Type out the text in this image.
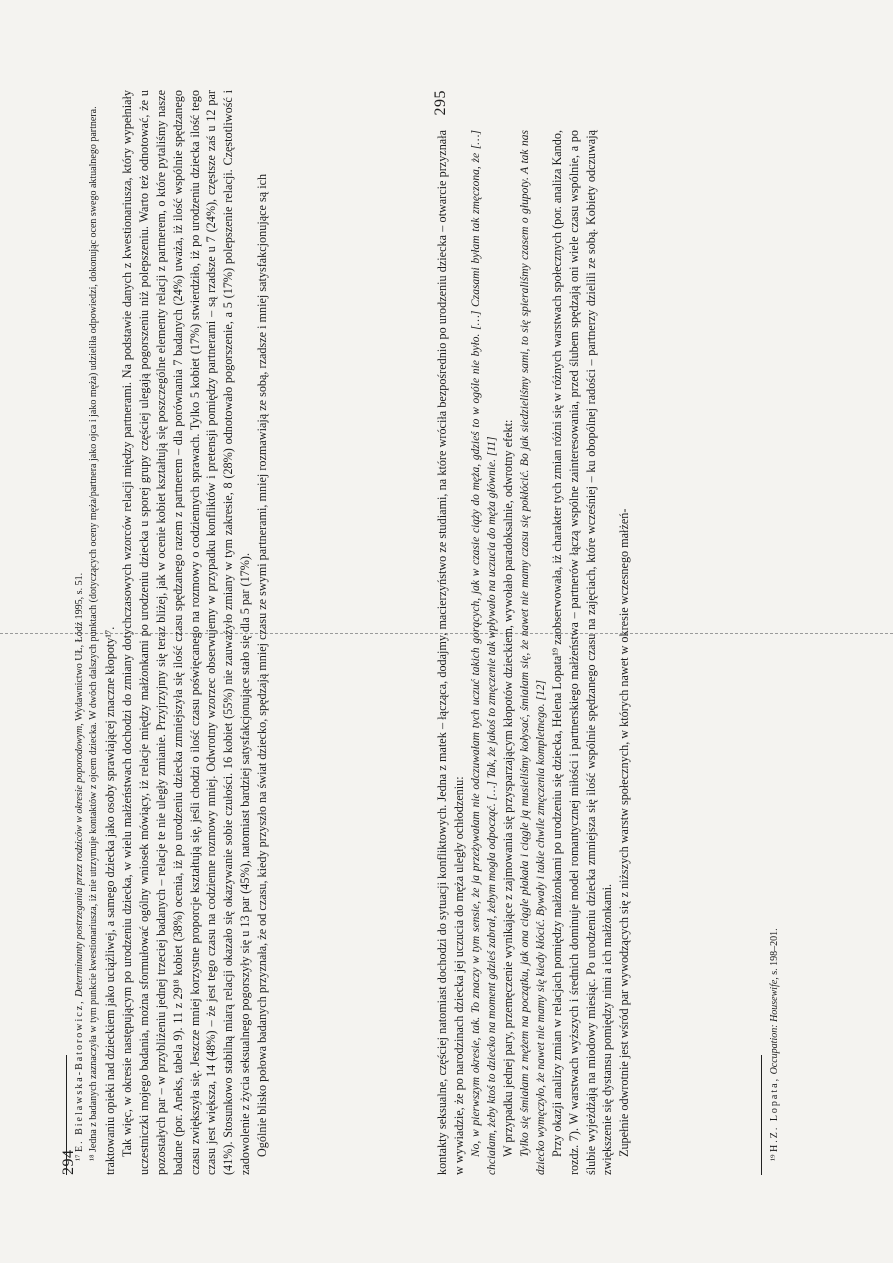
294 traktowaniu opieki nad dzieckiem jako uciążliwej, a samego dziecka jako osoby sprawiającej znaczne kłopoty¹⁷. Tak więc, w okresie następującym po urodzeniu dziecka, w wielu małżeństwach dochodzi do zmiany dotychczasowych wzorców relacji między partnerami. Na podstawie danych z kwestionariusza, który wypełniały uczestniczki mojego badania, można sformułować ogólny wniosek mówiący, iż relacje między małżonkami po urodzeniu dziecka u sporej grupy częściej ulegają pogorszeniu niż polepszeniu. Warto też odnotować, że u pozostałych par – w przybliżeniu jednej trzeciej badanych – relacje te nie uległy zmianie. Przyjrzyjmy się teraz bliżej, jak w ocenie kobiet kształtują się poszczególne elementy relacji z partnerem, o które pytaliśmy nasze badane (por. Aneks, tabela 9). 11 z 29¹⁸ kobiet (38%) ocenia, iż po urodzeniu dziecka zmniejszyła się ilość czasu spędzanego razem z partnerem – dla porównania 7 badanych (24%) uważa, iż ilość wspólnie spędzanego czasu zwiększyła się. Jeszcze mniej korzystne proporcje kształtują się, jeśli chodzi o ilość czasu poświęcanego na rozmowy o codziennych sprawach. Tylko 5 kobiet (17%) stwierdziło, iż po urodzeniu dziecka ilość tego czasu jest większa, 14 (48%) – że jest tego czasu na codzienne rozmowy mniej. Odwrotny wzorzec obserwujemy w przypadku konfliktów i pretensji pomiędzy partnerami – są rzadsze u 7 (24%), częstsze zaś u 12 par (41%). Stosunkowo stabilną miarą relacji okazało się okazywanie sobie czułości. 16 kobiet (55%) nie zauważyło zmiany w tym zakresie, 8 (28%) odnotowało pogorszenie, a 5 (17%) polepszenie relacji. Częstotliwość i zadowolenie z życia seksualnego pogorszyły się u 13 par (45%), natomiast bardziej satysfakcjonujące stało się dla 5 par (17%). Ogólnie blisko połowa badanych przyznała, że od czasu, kiedy przyszło na świat dziecko, spędzają mniej czasu ze swymi partnerami, mniej rozmawiają ze sobą, rzadsze i mniej satysfakcjonujące są ich

¹⁷ E. Bielawska-Batorowicz, Determinanty postrzegania przez rodziców w okresie poporodowym, Wydawnictwo UŁ, Łódź 1995, s. 51.

¹⁸ Jedna z badanych zaznaczyła w tym punkcie kwestionariusza, iż nie utrzymuje kontaktów z ojcem dziecka. W dwóch dalszych punktach (dotyczących oceny męża/partnera jako ojca i jako męża) udzieliła odpowiedzi, dokonując ocen swego aktualnego partnera.

295

kontakty seksualne, częściej natomiast dochodzi do sytuacji konfliktowych. Jedna z matek – łącząca, dodajmy, macierzyństwo ze studiami, na które wróciła bezpośrednio po urodzeniu dziecka – otwarcie przyznała w wywiadzie, że po narodzinach dziecka jej uczucia do męża uległy ochłodzeniu: No, w pierwszym okresie, tak. To znaczy w tym sensie, że ja przeżywałam nie odczuwałam tych uczuć takich gorących, jak w czasie ciąży do męża, gdzieś to w ogóle nie było. […] Czasami byłam tak zmęczona, że […] chciałam, żeby ktoś to dziecko na moment gdzieś zabrał, żebym mogła odpocząć. […] Tak, że jakoś to zmęczenie tak wpływało na uczucia do męża głównie. [11] W przypadku jednej pary, przemęczenie wynikające z zajmowania się przysparzającym kłopotów dzieckiem, wywołało paradoksalnie, odwrotny efekt: Tylko się śmiałam z mężem na początku, jak ona ciągle płakała i ciągle ją musieliśmy kołysać, śmiałam się, że nawet nie mamy czasu się pokłócić. Bo jak siedzieliśmy sami, to się spieraliśmy czasem o głupoty. A tak nas dziecko wymęczyło, że nawet nie mamy się kiedy kłócić. Bywały i takie chwile zmęczenia kompletnego. [12] Przy okazji analizy zmian w relacjach pomiędzy małżonkami po urodzeniu się dziecka, Helena Lopata¹⁹ zaobserwowała, iż charakter tych zmian różni się w różnych warstwach społecznych (por. analiza Kando, rozdz. 7). W warstwach wyższych i średnich dominuje model romantycznej miłości i partnerskiego małżeństwa – partnerów łączą wspólne zainteresowania, przed ślubem spędzają oni wiele czasu wspólnie, a po ślubie wyjeżdżają na miodowy miesiąc. Po urodzeniu dziecka zmniejsza się ilość wspólnie spędzanego czasu na zajęciach, które wcześniej – ku obopólnej radości – partnerzy dzielili ze sobą. Kobiety odczuwają zwiększenie się dystansu pomiędzy nimi a ich małżonkami. Zupełnie odwrotnie jest wśród par wywodzących się z niższych warstw społecznych, w których nawet w okresie wczesnego małżeń-

¹⁹ H.Z. Lopata, Occupation: Housewife, s. 198–201.
